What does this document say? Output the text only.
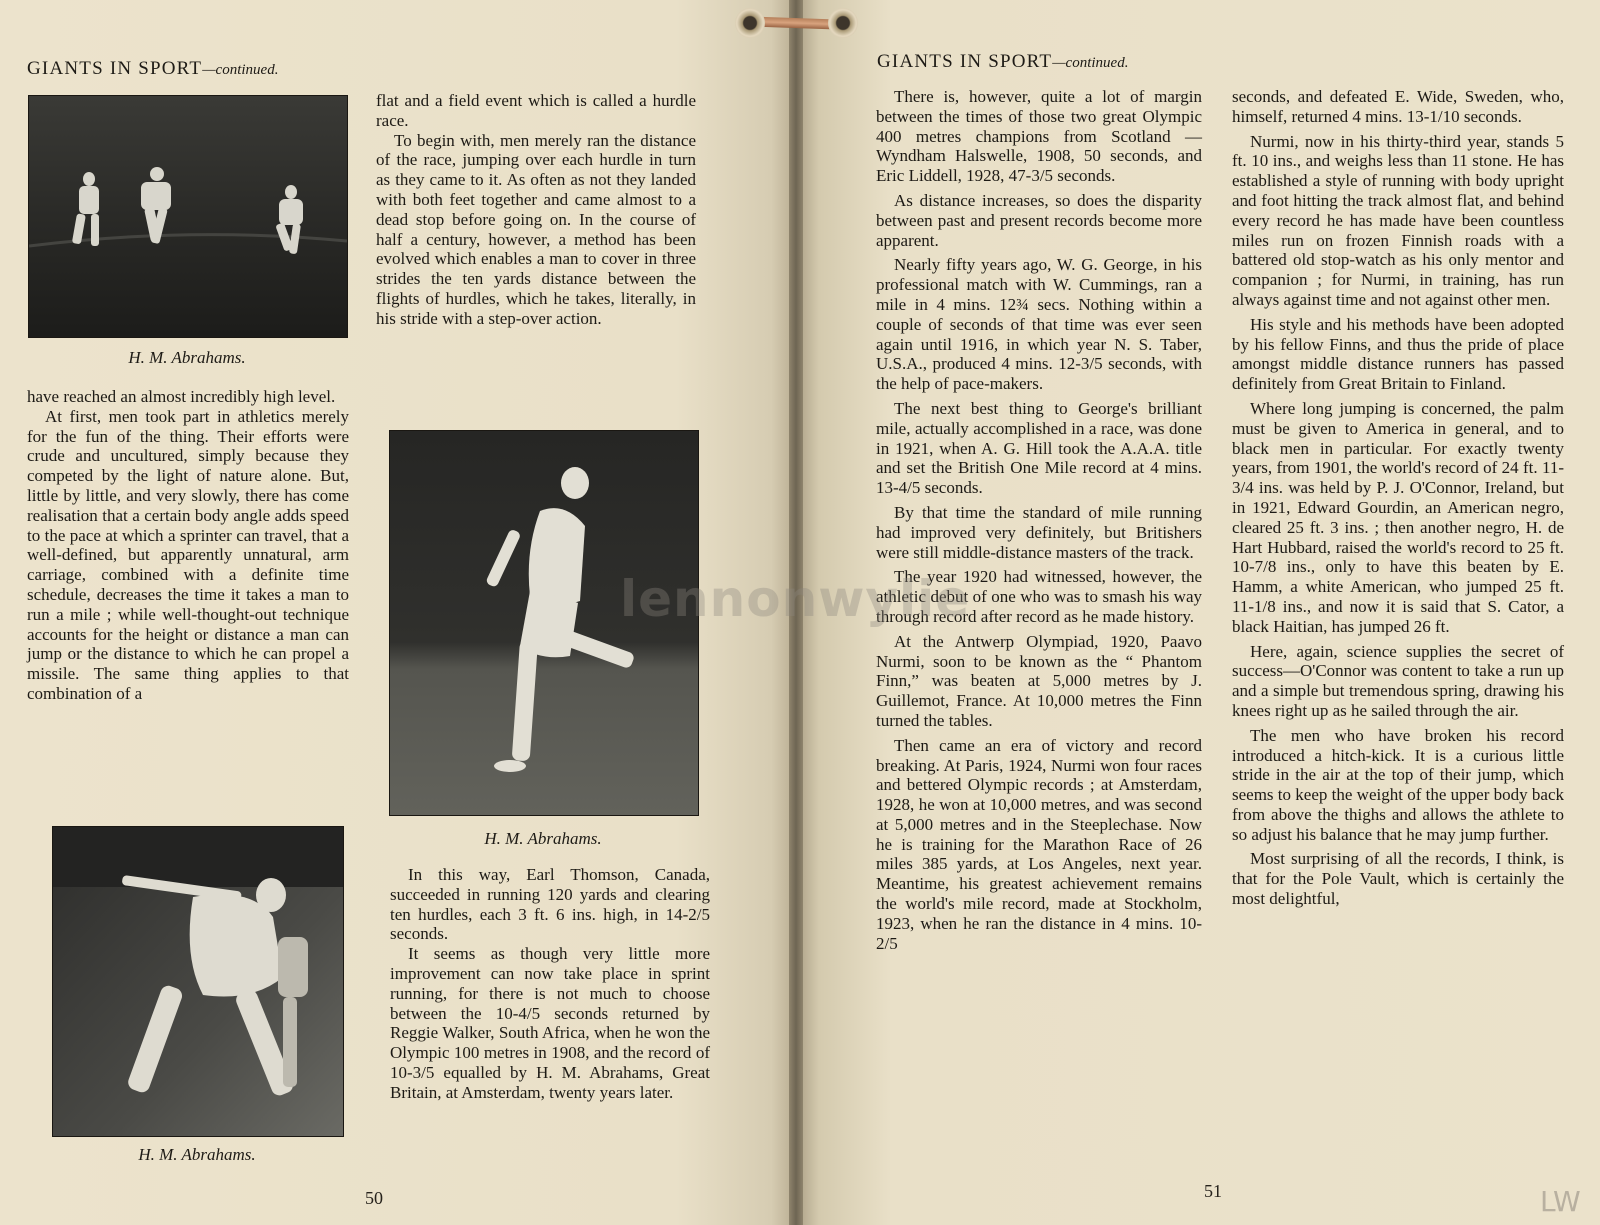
GIANTS IN SPORT—continued.
H. M. Abrahams.

have reached an almost incredibly high level.

At first, men took part in athletics merely for the fun of the thing. Their efforts were crude and uncultured, simply because they competed by the light of nature alone. But, little by little, and very slowly, there has come realisation that a certain body angle adds speed to the pace at which a sprinter can travel, that a well-defined, but apparently unnatural, arm carriage, combined with a definite time schedule, decreases the time it takes a man to run a mile ; while well-thought-out technique accounts for the height or distance a man can jump or the distance to which he can propel a missile. The same thing applies to that combination of a

H. M. Abrahams.

flat and a field event which is called a hurdle race.

To begin with, men merely ran the distance of the race, jumping over each hurdle in turn as they came to it. As often as not they landed with both feet together and came almost to a dead stop before going on. In the course of half a century, however, a method has been evolved which enables a man to cover in three strides the ten yards distance between the flights of hurdles, which he takes, literally, in his stride with a step-over action.

H. M. Abrahams.

In this way, Earl Thomson, Canada, succeeded in running 120 yards and clearing ten hurdles, each 3 ft. 6 ins. high, in 14-2/5 seconds.

It seems as though very little more improvement can now take place in sprint running, for there is not much to choose between the 10-4/5 seconds returned by Reggie Walker, South Africa, when he won the Olympic 100 metres in 1908, and the record of 10-3/5 equalled by H. M. Abrahams, Great Britain, at Amsterdam, twenty years later.

50
GIANTS IN SPORT—continued.

There is, however, quite a lot of margin between the times of those two great Olympic 400 metres champions from Scotland — Wyndham Halswelle, 1908, 50 seconds, and Eric Liddell, 1928, 47-3/5 seconds.

As distance increases, so does the disparity between past and present records become more apparent.

Nearly fifty years ago, W. G. George, in his professional match with W. Cummings, ran a mile in 4 mins. 12¾ secs. Nothing within a couple of seconds of that time was ever seen again until 1916, in which year N. S. Taber, U.S.A., produced 4 mins. 12-3/5 seconds, with the help of pace-makers.

The next best thing to George's brilliant mile, actually accomplished in a race, was done in 1921, when A. G. Hill took the A.A.A. title and set the British One Mile record at 4 mins. 13-4/5 seconds.

By that time the standard of mile running had improved very definitely, but Britishers were still middle-distance masters of the track.

The year 1920 had witnessed, however, the athletic debut of one who was to smash his way through record after record as he made history.

At the Antwerp Olympiad, 1920, Paavo Nurmi, soon to be known as the “ Phantom Finn,” was beaten at 5,000 metres by J. Guillemot, France. At 10,000 metres the Finn turned the tables.

Then came an era of victory and record breaking. At Paris, 1924, Nurmi won four races and bettered Olympic records ; at Amsterdam, 1928, he won at 10,000 metres, and was second at 5,000 metres and in the Steeplechase. Now he is training for the Marathon Race of 26 miles 385 yards, at Los Angeles, next year. Meantime, his greatest achievement remains the world's mile record, made at Stockholm, 1923, when he ran the distance in 4 mins. 10-2/5

seconds, and defeated E. Wide, Sweden, who, himself, returned 4 mins. 13-1/10 seconds.

Nurmi, now in his thirty-third year, stands 5 ft. 10 ins., and weighs less than 11 stone. He has established a style of running with body upright and foot hitting the track almost flat, and behind every record he has made have been countless miles run on frozen Finnish roads with a battered old stop-watch as his only mentor and companion ; for Nurmi, in training, has run always against time and not against other men.

His style and his methods have been adopted by his fellow Finns, and thus the pride of place amongst middle distance runners has passed definitely from Great Britain to Finland.

Where long jumping is concerned, the palm must be given to America in general, and to black men in particular. For exactly twenty years, from 1901, the world's record of 24 ft. 11-3/4 ins. was held by P. J. O'Connor, Ireland, but in 1921, Edward Gourdin, an American negro, cleared 25 ft. 3 ins. ; then another negro, H. de Hart Hubbard, raised the world's record to 25 ft. 10-7/8 ins., only to have this beaten by E. Hamm, a white American, who jumped 25 ft. 11-1/8 ins., and now it is said that S. Cator, a black Haitian, has jumped 26 ft.

Here, again, science supplies the secret of success—O'Connor was content to take a run up and a simple but tremendous spring, drawing his knees right up as he sailed through the air.

The men who have broken his record introduced a hitch-kick. It is a curious little stride in the air at the top of their jump, which seems to keep the weight of the upper body back from above the thighs and allows the athlete to so adjust his balance that he may jump further.

Most surprising of all the records, I think, is that for the Pole Vault, which is certainly the most delightful,

51
lennonwylie
LW
